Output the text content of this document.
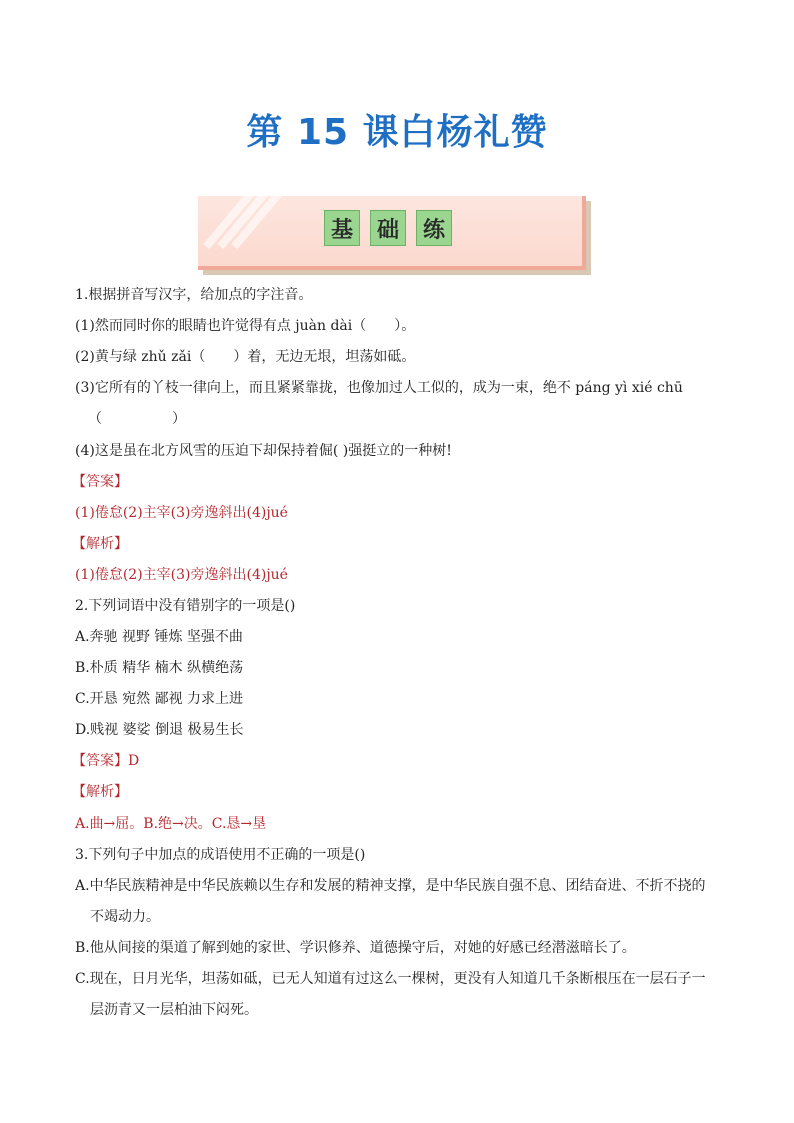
第 15 课白杨礼赞
基	础	练
1.根据拼音写汉字，给加点的字注音。
(1)然而同时你的眼睛也许觉得有点 juàn dài（　　）。
(2)黄与绿 zhǔ zǎi（　　）着，无边无垠，坦荡如砥。
(3)它所有的丫枝一律向上，而且紧紧靠拢，也像加过人工似的，成为一束，绝不 páng yì xié chū
（　　　　　）
(4)这是虽在北方风雪的压迫下却保持着倔( )强挺立的一种树!
【答案】
(1)倦怠(2)主宰(3)旁逸斜出(4)jué
【解析】
(1)倦怠(2)主宰(3)旁逸斜出(4)jué
2.下列词语中没有错别字的一项是()
A.奔驰 视野 锤炼 坚强不曲
B.朴质 精华 楠木 纵横绝荡
C.开恳 宛然 鄙视 力求上进
D.贱视 婆娑 倒退 极易生长
【答案】D
【解析】
A.曲→屈。B.绝→决。C.恳→垦
3.下列句子中加点的成语使用不正确的一项是()
A.中华民族精神是中华民族赖以生存和发展的精神支撑，是中华民族自强不息、团结奋进、不折不挠的
不竭动力。
B.他从间接的渠道了解到她的家世、学识修养、道德操守后，对她的好感已经潜滋暗长了。
C.现在，日月光华，坦荡如砥，已无人知道有过这么一棵树，更没有人知道几千条断根压在一层石子一
层沥青又一层柏油下闷死。
